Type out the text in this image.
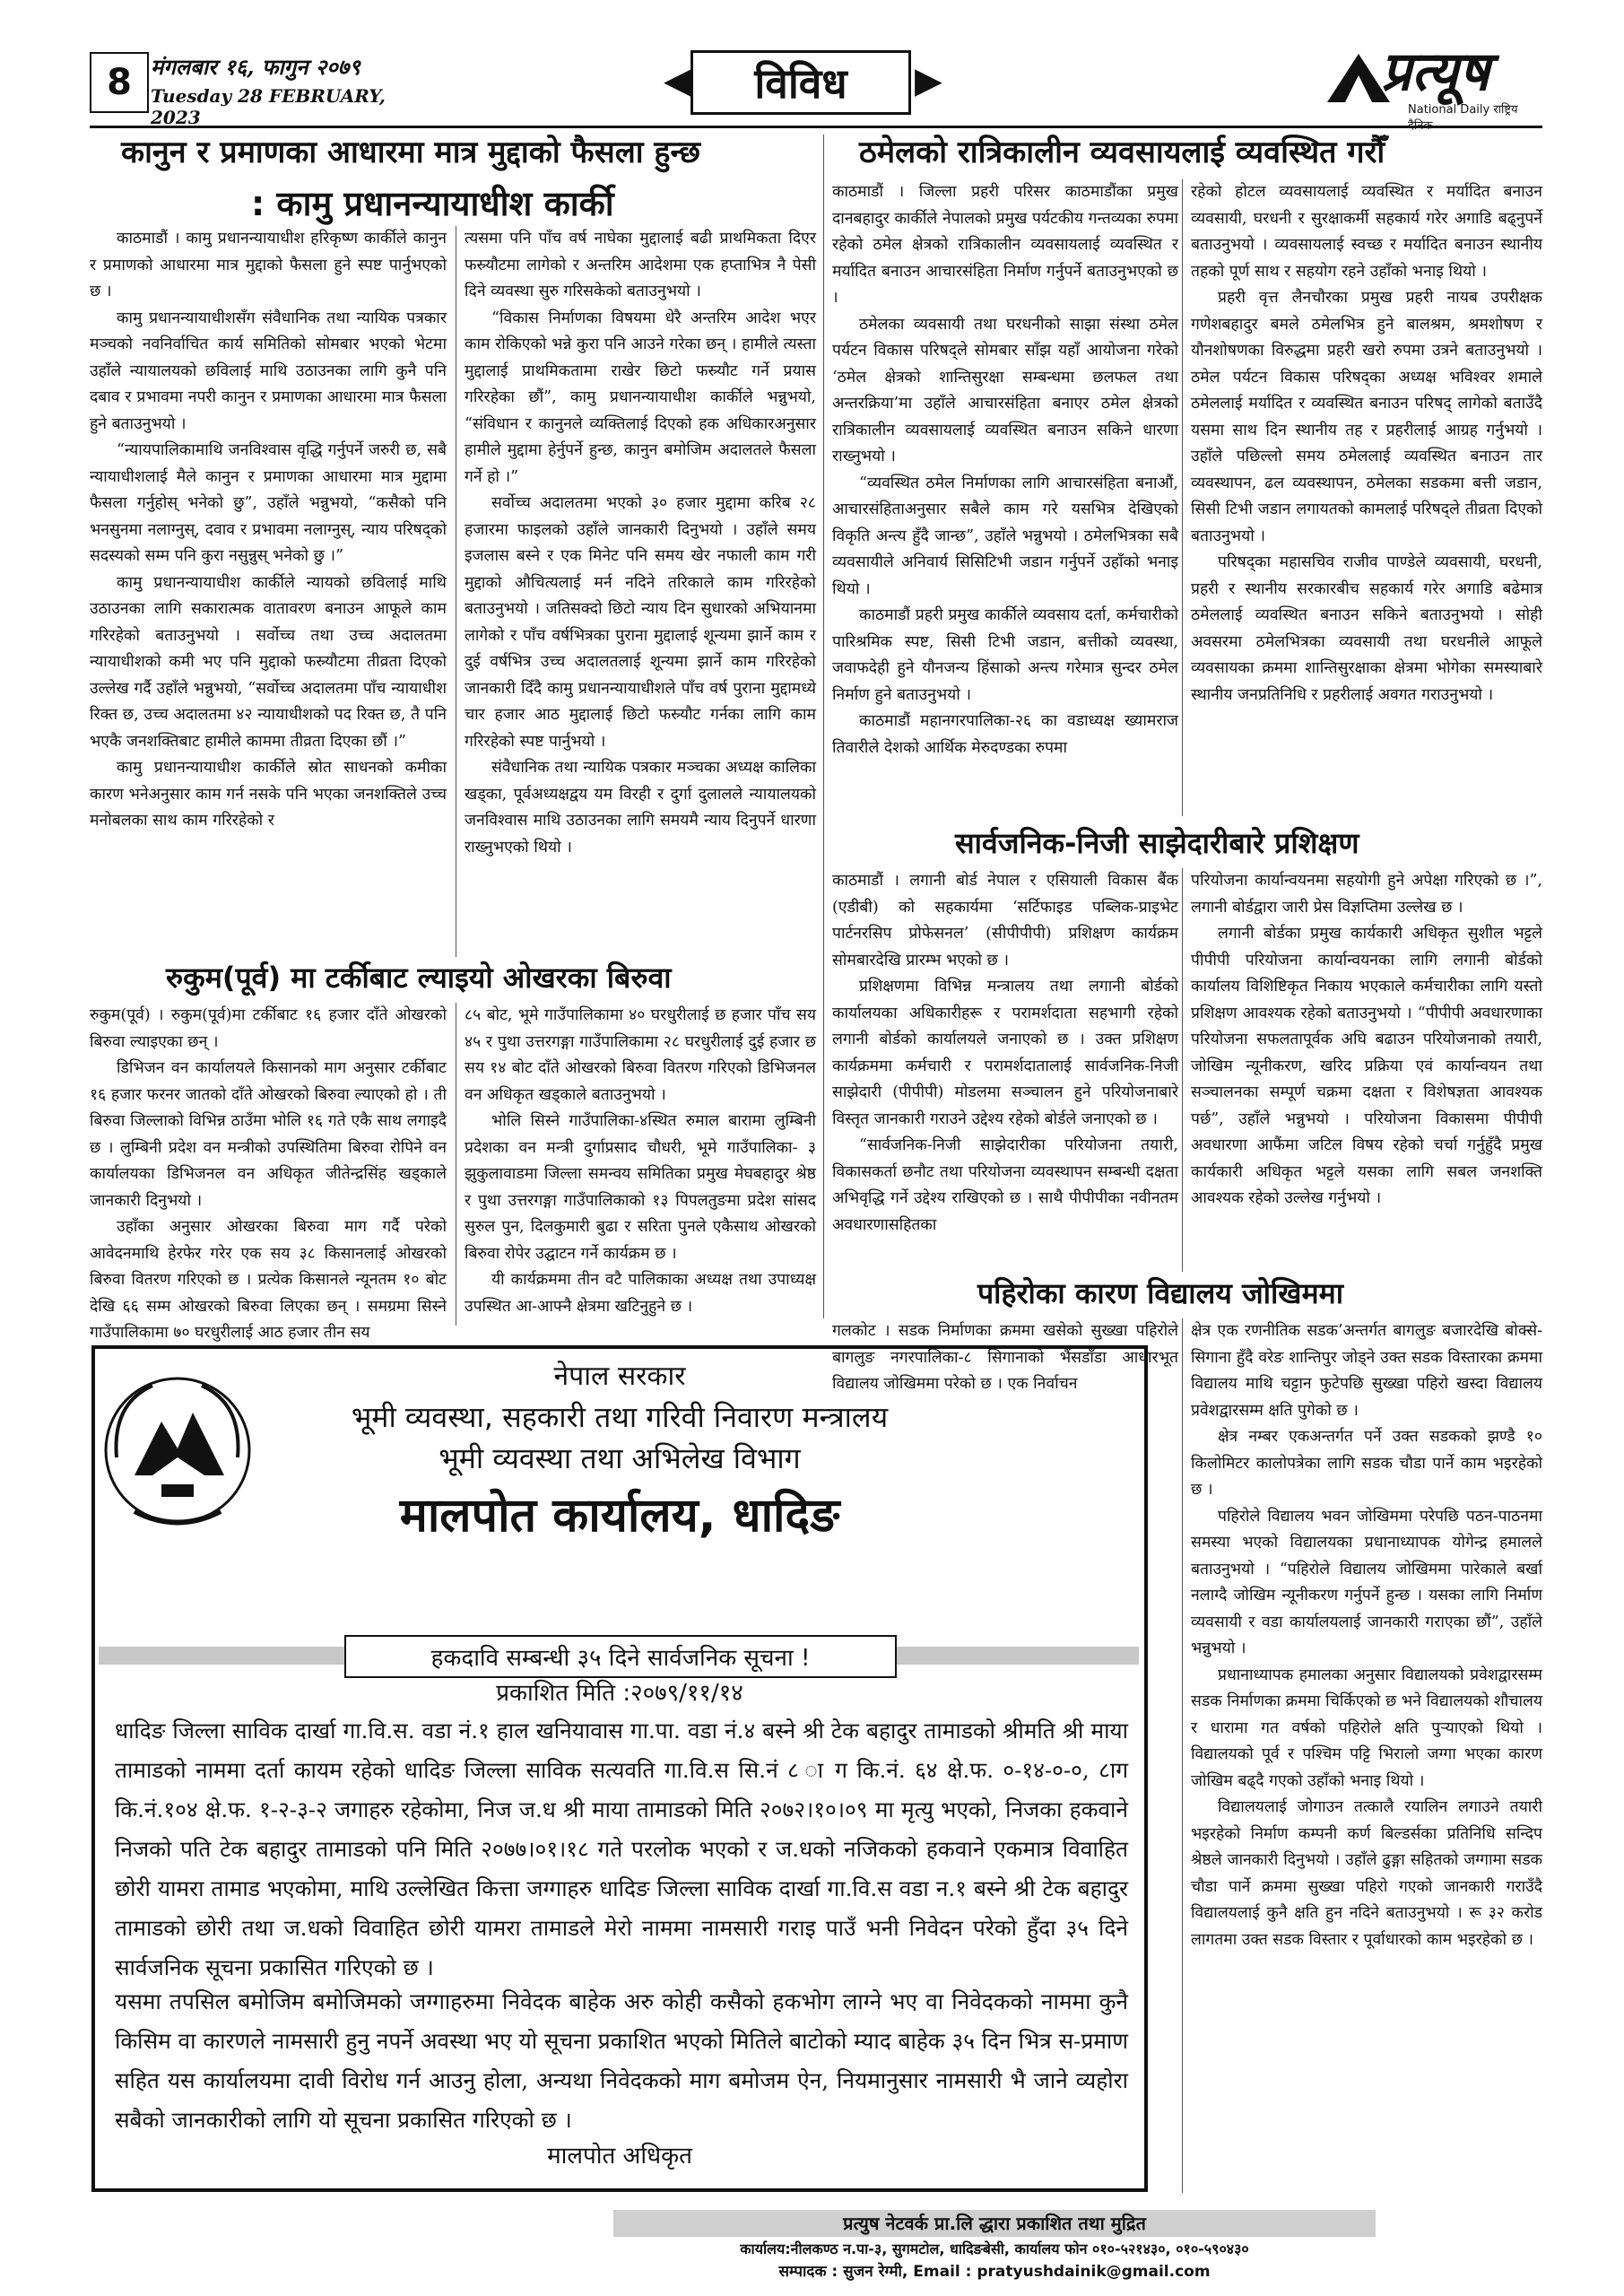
8 मंगलबार १६, फागुन २०७९
Tuesday 28 FEBRUARY, 2023
◀	विविध	▶	प्रत्यूष
National Daily राष्ट्रिय दैनिक
कानुन र प्रमाणका आधारमा मात्र मुद्दाको फैसला हुन्छ
: कामु प्रधानन्यायाधीश कार्की

काठमाडौं । कामु प्रधानन्यायाधीश हरिकृष्ण कार्कीले कानुन र प्रमाणको आधारमा मात्र मुद्दाको फैसला हुने स्पष्ट पार्नुभएको छ ।

कामु प्रधानन्यायाधीशसँग संवैधानिक तथा न्यायिक पत्रकार मञ्चको नवनिर्वाचित कार्य समितिको सोमबार भएको भेटमा उहाँले न्यायालयको छविलाई माथि उठाउनका लागि कुनै पनि दबाव र प्रभावमा नपरी कानुन र प्रमाणका आधारमा मात्र फैसला हुने बताउनुभयो ।

“न्यायपालिकामाथि जनविश्वास वृद्धि गर्नुपर्ने जरुरी छ, सबै न्यायाधीशलाई मैले कानुन र प्रमाणका आधारमा मात्र मुद्दामा फैसला गर्नुहोस् भनेको छु”, उहाँले भन्नुभयो, “कसैको पनि भनसुनमा नलाग्नुस्, दवाव र प्रभावमा नलाग्नुस्, न्याय परिषद्को सदस्यको सम्म पनि कुरा नसुन्नुस् भनेको छु ।”

कामु प्रधानन्यायाधीश कार्कीले न्यायको छविलाई माथि उठाउनका लागि सकारात्मक वातावरण बनाउन आफूले काम गरिरहेको बताउनुभयो । सर्वोच्च तथा उच्च अदालतमा न्यायाधीशको कमी भए पनि मुद्दाको फस्र्यौटमा तीव्रता दिएको उल्लेख गर्दै उहाँले भन्नुभयो, “सर्वोच्च अदालतमा पाँच न्यायाधीश रिक्त छ, उच्च अदालतमा ४२ न्यायाधीशको पद रिक्त छ, तै पनि भएकै जनशक्तिबाट हामीले काममा तीव्रता दिएका छौं ।”

कामु प्रधानन्यायाधीश कार्कीले स्रोत साधनको कमीका कारण भनेअनुसार काम गर्न नसके पनि भएका जनशक्तिले उच्च मनोबलका साथ काम गरिरहेको र

त्यसमा पनि पाँच वर्ष नाघेका मुद्दालाई बढी प्राथमिकता दिएर फस्र्यौटमा लागेको र अन्तरिम आदेशमा एक हप्ताभित्र नै पेसी दिने व्यवस्था सुरु गरिसकेको बताउनुभयो ।

“विकास निर्माणका विषयमा धेरै अन्तरिम आदेश भएर काम रोकिएको भन्ने कुरा पनि आउने गरेका छन् । हामीले त्यस्ता मुद्दालाई प्राथमिकतामा राखेर छिटो फस्र्यौट गर्ने प्रयास गरिरहेका छौं”, कामु प्रधानन्यायाधीश कार्कीले भन्नुभयो, “संविधान र कानुनले व्यक्तिलाई दिएको हक अधिकारअनुसार हामीले मुद्दामा हेर्नुपर्ने हुन्छ, कानुन बमोजिम अदालतले फैसला गर्ने हो ।”

सर्वोच्च अदालतमा भएको ३० हजार मुद्दामा करिब २८ हजारमा फाइलको उहाँले जानकारी दिनुभयो । उहाँले समय इजलास बस्ने र एक मिनेट पनि समय खेर नफाली काम गरी मुद्दाको औचित्यलाई मर्न नदिने तरिकाले काम गरिरहेको बताउनुभयो । जतिसक्दो छिटो न्याय दिन सुधारको अभियानमा लागेको र पाँच वर्षभित्रका पुराना मुद्दालाई शून्यमा झार्ने काम र दुई वर्षभित्र उच्च अदालतलाई शून्यमा झार्ने काम गरिरहेको जानकारी दिँदै कामु प्रधानन्यायाधीशले पाँच वर्ष पुराना मुद्दामध्ये चार हजार आठ मुद्दालाई छिटो फस्र्यौट गर्नका लागि काम गरिरहेको स्पष्ट पार्नुभयो ।

संवैधानिक तथा न्यायिक पत्रकार मञ्चका अध्यक्ष कालिका खड्का, पूर्वअध्यक्षद्वय यम विरही र दुर्गा दुलालले न्यायालयको जनविश्वास माथि उठाउनका लागि समयमै न्याय दिनुपर्ने धारणा राख्नुभएको थियो ।

ठमेलको रात्रिकालीन व्यवसायलाई व्यवस्थित गरौँ

काठमाडौं । जिल्ला प्रहरी परिसर काठमाडौंका प्रमुख दानबहादुर कार्कीले नेपालको प्रमुख पर्यटकीय गन्तव्यका रुपमा रहेको ठमेल क्षेत्रको रात्रिकालीन व्यवसायलाई व्यवस्थित र मर्यादित बनाउन आचारसंहिता निर्माण गर्नुपर्ने बताउनुभएको छ ।

ठमेलका व्यवसायी तथा घरधनीको साझा संस्था ठमेल पर्यटन विकास परिषद्ले सोमबार साँझ यहाँ आयोजना गरेको ‘ठमेल क्षेत्रको शान्तिसुरक्षा सम्बन्धमा छलफल तथा अन्तरक्रिया’मा उहाँले आचारसंहिता बनाएर ठमेल क्षेत्रको रात्रिकालीन व्यवसायलाई व्यवस्थित बनाउन सकिने धारणा राख्नुभयो ।

“व्यवस्थित ठमेल निर्माणका लागि आचारसंहिता बनाऔं, आचारसंहिताअनुसार सबैले काम गरे यसभित्र देखिएको विकृति अन्त्य हुँदै जान्छ”, उहाँले भन्नुभयो । ठमेलभित्रका सबै व्यवसायीले अनिवार्य सिसिटिभी जडान गर्नुपर्ने उहाँको भनाइ थियो ।

काठमाडौं प्रहरी प्रमुख कार्कीले व्यवसाय दर्ता, कर्मचारीको पारिश्रमिक स्पष्ट, सिसी टिभी जडान, बत्तीको व्यवस्था, जवाफदेही हुने यौनजन्य हिंसाको अन्त्य गरेमात्र सुन्दर ठमेल निर्माण हुने बताउनुभयो ।

काठमाडौं महानगरपालिका-२६ का वडाध्यक्ष ख्यामराज तिवारीले देशको आर्थिक मेरुदण्डका रुपमा

रहेको होटल व्यवसायलाई व्यवस्थित र मर्यादित बनाउन व्यवसायी, घरधनी र सुरक्षाकर्मी सहकार्य गरेर अगाडि बढ्नुपर्ने बताउनुभयो । व्यवसायलाई स्वच्छ र मर्यादित बनाउन स्थानीय तहको पूर्ण साथ र सहयोग रहने उहाँको भनाइ थियो ।

प्रहरी वृत्त लैनचौरका प्रमुख प्रहरी नायब उपरीक्षक गणेशबहादुर बमले ठमेलभित्र हुने बालश्रम, श्रमशोषण र यौनशोषणका विरुद्धमा प्रहरी खरो रुपमा उत्रने बताउनुभयो । ठमेल पर्यटन विकास परिषद्का अध्यक्ष भविश्वर शमाले ठमेललाई मर्यादित र व्यवस्थित बनाउन परिषद् लागेको बताउँदै यसमा साथ दिन स्थानीय तह र प्रहरीलाई आग्रह गर्नुभयो । उहाँले पछिल्लो समय ठमेललाई व्यवस्थित बनाउन तार व्यवस्थापन, ढल व्यवस्थापन, ठमेलका सडकमा बत्ती जडान, सिसी टिभी जडान लगायतको कामलाई परिषद्ले तीव्रता दिएको बताउनुभयो ।

परिषद्का महासचिव राजीव पाण्डेले व्यवसायी, घरधनी, प्रहरी र स्थानीय सरकारबीच सहकार्य गरेर अगाडि बढेमात्र ठमेललाई व्यवस्थित बनाउन सकिने बताउनुभयो । सोही अवसरमा ठमेलभित्रका व्यवसायी तथा घरधनीले आफूले व्यवसायका क्रममा शान्तिसुरक्षाका क्षेत्रमा भोगेका समस्याबारे स्थानीय जनप्रतिनिधि र प्रहरीलाई अवगत गराउनुभयो ।

रुकुम(पूर्व) मा टर्कीबाट ल्याइयो ओखरका बिरुवा

रुकुम(पूर्व) । रुकुम(पूर्व)मा टर्कीबाट १६ हजार दाँते ओखरको बिरुवा ल्याइएका छन् ।

डिभिजन वन कार्यालयले किसानको माग अनुसार टर्कीबाट १६ हजार फरनर जातको दाँते ओखरको बिरुवा ल्याएको हो । ती बिरुवा जिल्लाको विभिन्न ठाउँमा भोलि १६ गते एकै साथ लगाइदै छ । लुम्बिनी प्रदेश वन मन्त्रीको उपस्थितिमा बिरुवा रोपिने वन कार्यालयका डिभिजनल वन अधिकृत जीतेन्द्रसिंह खड्काले जानकारी दिनुभयो ।

उहाँका अनुसार ओखरका बिरुवा माग गर्दै परेको आवेदनमाथि हेरफेर गरेर एक सय ३८ किसानलाई ओखरको बिरुवा वितरण गरिएको छ । प्रत्येक किसानले न्यूनतम १० बोट देखि ६६ सम्म ओखरको बिरुवा लिएका छन् । समग्रमा सिस्ने गाउँपालिकामा ७० घरधुरीलाई आठ हजार तीन सय

८५ बोट, भूमे गाउँपालिकामा ४० घरधुरीलाई छ हजार पाँच सय ४५ र पुथा उत्तरगङ्गा गाउँपालिकामा २८ घरधुरीलाई दुई हजार छ सय १४ बोट दाँते ओखरको बिरुवा वितरण गरिएको डिभिजनल वन अधिकृत खड्काले बताउनुभयो ।

भोलि सिस्ने गाउँपालिका-४स्थित रुमाल बारामा लुम्बिनी प्रदेशका वन मन्त्री दुर्गाप्रसाद चौधरी, भूमे गाउँपालिका- ३ झुकुलावाडमा जिल्ला समन्वय समितिका प्रमुख मेघबहादुर श्रेष्ठ र पुथा उत्तरगङ्गा गाउँपालिकाको १३ पिपलतुङमा प्रदेश सांसद सुरुल पुन, दिलकुमारी बुढा र सरिता पुनले एकैसाथ ओखरको बिरुवा रोपेर उद्घाटन गर्ने कार्यक्रम छ ।

यी कार्यक्रममा तीन वटै पालिकाका अध्यक्ष तथा उपाध्यक्ष उपस्थित आ-आफ्नै क्षेत्रमा खटिनुहुने छ ।

सार्वजनिक-निजी साझेदारीबारे प्रशिक्षण

काठमाडौं । लगानी बोर्ड नेपाल र एसियाली विकास बैंक (एडीबी) को सहकार्यमा ‘सर्टिफाइड पब्लिक-प्राइभेट पार्टनरसिप प्रोफेसनल’ (सीपीपीपी) प्रशिक्षण कार्यक्रम सोमबारदेखि प्रारम्भ भएको छ ।

प्रशिक्षणमा विभिन्न मन्त्रालय तथा लगानी बोर्डको कार्यालयका अधिकारीहरू र परामर्शदाता सहभागी रहेको लगानी बोर्डको कार्यालयले जनाएको छ । उक्त प्रशिक्षण कार्यक्रममा कर्मचारी र परामर्शदातालाई सार्वजनिक-निजी साझेदारी (पीपीपी) मोडलमा सञ्चालन हुने परियोजनाबारे विस्तृत जानकारी गराउने उद्देश्य रहेको बोर्डले जनाएको छ ।

“सार्वजनिक-निजी साझेदारीका परियोजना तयारी, विकासकर्ता छनौट तथा परियोजना व्यवस्थापन सम्बन्धी दक्षता अभिवृद्धि गर्ने उद्देश्य राखिएको छ । साथै पीपीपीका नवीनतम अवधारणासहितका

परियोजना कार्यान्वयनमा सहयोगी हुने अपेक्षा गरिएको छ ।”, लगानी बोर्डद्वारा जारी प्रेस विज्ञप्तिमा उल्लेख छ ।

लगानी बोर्डका प्रमुख कार्यकारी अधिकृत सुशील भट्टले पीपीपी परियोजना कार्यान्वयनका लागि लगानी बोर्डको कार्यालय विशिष्टिकृत निकाय भएकाले कर्मचारीका लागि यस्तो प्रशिक्षण आवश्यक रहेको बताउनुभयो । “पीपीपी अवधारणाका परियोजना सफलतापूर्वक अघि बढाउन परियोजनाको तयारी, जोखिम न्यूनीकरण, खरिद प्रक्रिया एवं कार्यान्वयन तथा सञ्चालनका सम्पूर्ण चक्रमा दक्षता र विशेषज्ञता आवश्यक पर्छ”, उहाँले भन्नुभयो । परियोजना विकासमा पीपीपी अवधारणा आफैंमा जटिल विषय रहेको चर्चा गर्नुहुँदै प्रमुख कार्यकारी अधिकृत भट्टले यसका लागि सबल जनशक्ति आवश्यक रहेको उल्लेख गर्नुभयो ।

पहिरोका कारण विद्यालय जोखिममा

गलकोट । सडक निर्माणका क्रममा खसेको सुख्खा पहिरोले बागलुङ नगरपालिका-८ सिगानाको भैंसडाँडा आधारभूत विद्यालय जोखिममा परेको छ । एक निर्वाचन

क्षेत्र एक रणनीतिक सडक’अन्तर्गत बागलुङ बजारदेखि बोक्से-सिगाना हुँदै वरेङ शान्तिपुर जोड्ने उक्त सडक विस्तारका क्रममा विद्यालय माथि चट्टान फुटेपछि सुख्खा पहिरो खस्दा विद्यालय प्रवेशद्वारसम्म क्षति पुगेको छ ।

क्षेत्र नम्बर एकअन्तर्गत पर्ने उक्त सडकको झण्डै १० किलोमिटर कालोपत्रेका लागि सडक चौडा पार्ने काम भइरहेको छ ।

पहिरोले विद्यालय भवन जोखिममा परेपछि पठन-पाठनमा समस्या भएको विद्यालयका प्रधानाध्यापक योगेन्द्र हमालले बताउनुभयो । “पहिरोले विद्यालय जोखिममा पारेकाले बर्खा नलाग्दै जोखिम न्यूनीकरण गर्नुपर्ने हुन्छ । यसका लागि निर्माण व्यवसायी र वडा कार्यालयलाई जानकारी गराएका छौं”, उहाँले भन्नुभयो ।

प्रधानाध्यापक हमालका अनुसार विद्यालयको प्रवेशद्वारसम्म सडक निर्माणका क्रममा चिर्किएको छ भने विद्यालयको शौचालय र धारामा गत वर्षको पहिरोले क्षति पुऱ्याएको थियो । विद्यालयको पूर्व र पश्चिम पट्टि भिरालो जग्गा भएका कारण जोखिम बढ्दै गएको उहाँको भनाइ थियो ।

विद्यालयलाई जोगाउन तत्कालै रयालिन लगाउने तयारी भइरहेको निर्माण कम्पनी कर्ण बिल्डर्सका प्रतिनिधि सन्दिप श्रेष्ठले जानकारी दिनुभयो । उहाँले ढुङ्गा सहितको जग्गामा सडक चौडा पार्ने क्रममा सुख्खा पहिरो गएको जानकारी गराउँदै विद्यालयलाई कुनै क्षति हुन नदिने बताउनुभयो । रू ३२ करोड लागतमा उक्त सडक विस्तार र पूर्वाधारको काम भइरहेको छ ।

नेपाल सरकार
भूमी व्यवस्था, सहकारी तथा गरिवी निवारण मन्त्रालय
भूमी व्यवस्था तथा अभिलेख विभाग
मालपोत कार्यालय, धादिङ
प्रकाशित मिति :२०७९/११/१४
धादिङ जिल्ला साविक दार्खा गा.वि.स. वडा नं.१ हाल खनियावास गा.पा. वडा नं.४ बस्ने श्री टेक बहादुर तामाडको श्रीमति श्री माया तामाडको नाममा दर्ता कायम रहेको धादिङ जिल्ला साविक सत्यवति गा.वि.स सि.नं ८ ा ग कि.नं. ६४ क्षे.फ. ०-१४-०-०, ८ाग कि.नं.१०४ क्षे.फ. १-२-३-२ जगाहरु रहेकोमा, निज ज.ध श्री माया तामाडको मिति २०७२।१०।०९ मा मृत्यु भएको, निजका हकवाने निजको पति टेक बहादुर तामाडको पनि मिति २०७७।०१।१८ गते परलोक भएको र ज.धको नजिकको हकवाने एकमात्र विवाहित छोरी यामरा तामाड भएकोमा, माथि उल्लेखित कित्ता जग्गाहरु धादिङ जिल्ला साविक दार्खा गा.वि.स वडा न.१ बस्ने श्री टेक बहादुर तामाडको छोरी तथा ज.धको विवाहित छोरी यामरा तामाडले मेरो नाममा नामसारी गराइ पाउँ भनी निवेदन परेको हुँदा ३५ दिने सार्वजनिक सूचना प्रकासित गरिएको छ ।
यसमा तपसिल बमोजिम बमोजिमको जग्गाहरुमा निवेदक बाहेक अरु कोही कसैको हकभोग लाग्ने भए वा निवेदकको नाममा कुनै किसिम वा कारणले नामसारी हुनु नपर्ने अवस्था भए यो सूचना प्रकाशित भएको मितिले बाटोको म्याद बाहेक ३५ दिन भित्र स-प्रमाण सहित यस कार्यालयमा दावी विरोध गर्न आउनु होला, अन्यथा निवेदकको माग बमोजम ऐन, नियमानुसार नामसारी भै जाने व्यहोरा सबैको जानकारीको लागि यो सूचना प्रकासित गरिएको छ ।
मालपोत अधिकृत
हकदावि सम्बन्धी ३५ दिने सार्वजनिक सूचना !
प्रत्युष नेटवर्क प्रा.लि द्धारा प्रकाशित तथा मुद्रित
कार्यालय:नीलकण्ठ न.पा-३, सुगमटोल, धादिङबेसी, कार्यालय फोन ०१०-५२१४३०, ०१०-५९०४३०
सम्पादक : सुजन रेग्मी, Email : pratyushdainik@gmail.com
